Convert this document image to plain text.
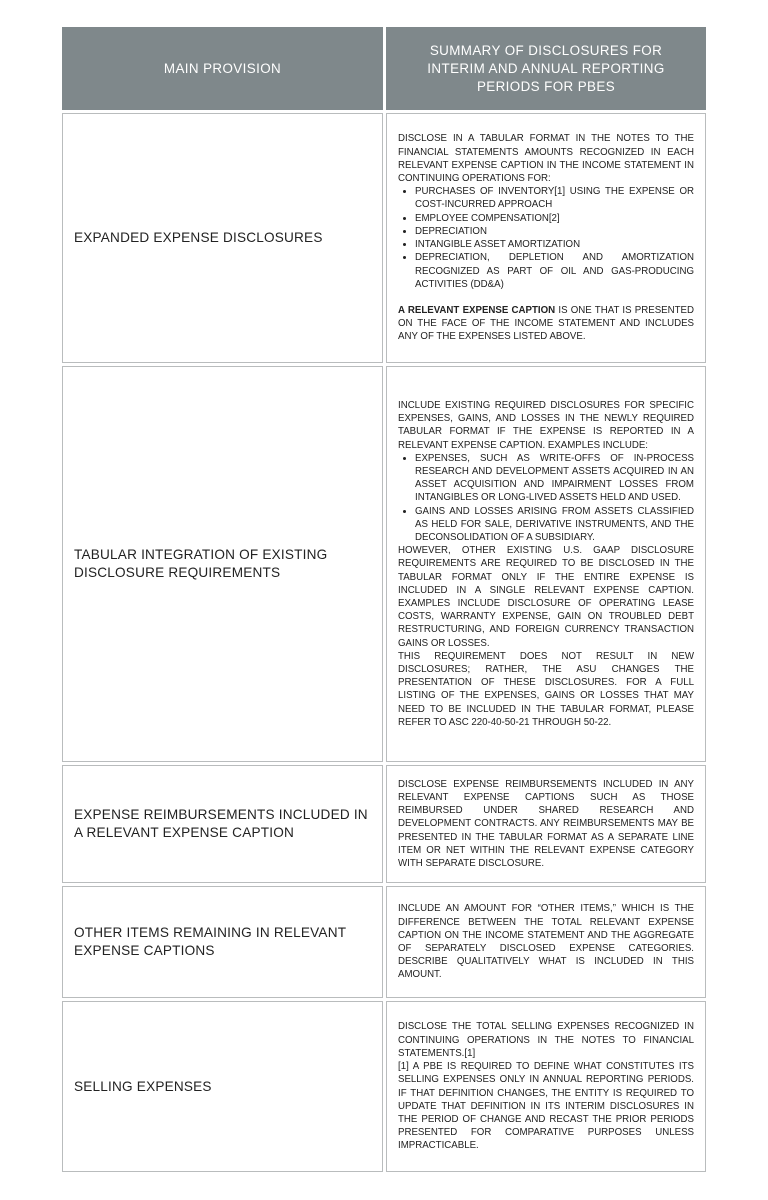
MAIN PROVISION
SUMMARY OF DISCLOSURES FOR INTERIM AND ANNUAL REPORTING PERIODS FOR PBES
EXPANDED EXPENSE DISCLOSURES

DISCLOSE IN A TABULAR FORMAT IN THE NOTES TO THE FINANCIAL STATEMENTS AMOUNTS RECOGNIZED IN EACH RELEVANT EXPENSE CAPTION IN THE INCOME STATEMENT IN CONTINUING OPERATIONS FOR:

• PURCHASES OF INVENTORY[1] USING THE EXPENSE OR COST-INCURRED APPROACH
• EMPLOYEE COMPENSATION[2]
• DEPRECIATION
• INTANGIBLE ASSET AMORTIZATION
• DEPRECIATION, DEPLETION AND AMORTIZATION RECOGNIZED AS PART OF OIL AND GAS-PRODUCING ACTIVITIES (DD&A)

A RELEVANT EXPENSE CAPTION IS ONE THAT IS PRESENTED ON THE FACE OF THE INCOME STATEMENT AND INCLUDES ANY OF THE EXPENSES LISTED ABOVE.

TABULAR INTEGRATION OF EXISTING DISCLOSURE REQUIREMENTS

INCLUDE EXISTING REQUIRED DISCLOSURES FOR SPECIFIC EXPENSES, GAINS, AND LOSSES IN THE NEWLY REQUIRED TABULAR FORMAT IF THE EXPENSE IS REPORTED IN A RELEVANT EXPENSE CAPTION. EXAMPLES INCLUDE:

• EXPENSES, SUCH AS WRITE-OFFS OF IN-PROCESS RESEARCH AND DEVELOPMENT ASSETS ACQUIRED IN AN ASSET ACQUISITION AND IMPAIRMENT LOSSES FROM INTANGIBLES OR LONG-LIVED ASSETS HELD AND USED.
• GAINS AND LOSSES ARISING FROM ASSETS CLASSIFIED AS HELD FOR SALE, DERIVATIVE INSTRUMENTS, AND THE DECONSOLIDATION OF A SUBSIDIARY.

HOWEVER, OTHER EXISTING U.S. GAAP DISCLOSURE REQUIREMENTS ARE REQUIRED TO BE DISCLOSED IN THE TABULAR FORMAT ONLY IF THE ENTIRE EXPENSE IS INCLUDED IN A SINGLE RELEVANT EXPENSE CAPTION. EXAMPLES INCLUDE DISCLOSURE OF OPERATING LEASE COSTS, WARRANTY EXPENSE, GAIN ON TROUBLED DEBT RESTRUCTURING, AND FOREIGN CURRENCY TRANSACTION GAINS OR LOSSES.

THIS REQUIREMENT DOES NOT RESULT IN NEW DISCLOSURES; RATHER, THE ASU CHANGES THE PRESENTATION OF THESE DISCLOSURES. FOR A FULL LISTING OF THE EXPENSES, GAINS OR LOSSES THAT MAY NEED TO BE INCLUDED IN THE TABULAR FORMAT, PLEASE REFER TO ASC 220-40-50-21 THROUGH 50-22.

EXPENSE REIMBURSEMENTS INCLUDED IN A RELEVANT EXPENSE CAPTION

DISCLOSE EXPENSE REIMBURSEMENTS INCLUDED IN ANY RELEVANT EXPENSE CAPTIONS SUCH AS THOSE REIMBURSED UNDER SHARED RESEARCH AND DEVELOPMENT CONTRACTS. ANY REIMBURSEMENTS MAY BE PRESENTED IN THE TABULAR FORMAT AS A SEPARATE LINE ITEM OR NET WITHIN THE RELEVANT EXPENSE CATEGORY WITH SEPARATE DISCLOSURE.

OTHER ITEMS REMAINING IN RELEVANT EXPENSE CAPTIONS

INCLUDE AN AMOUNT FOR “OTHER ITEMS,” WHICH IS THE DIFFERENCE BETWEEN THE TOTAL RELEVANT EXPENSE CAPTION ON THE INCOME STATEMENT AND THE AGGREGATE OF SEPARATELY DISCLOSED EXPENSE CATEGORIES. DESCRIBE QUALITATIVELY WHAT IS INCLUDED IN THIS AMOUNT.

SELLING EXPENSES

DISCLOSE THE TOTAL SELLING EXPENSES RECOGNIZED IN CONTINUING OPERATIONS IN THE NOTES TO FINANCIAL STATEMENTS.[1]

[1] A PBE IS REQUIRED TO DEFINE WHAT CONSTITUTES ITS SELLING EXPENSES ONLY IN ANNUAL REPORTING PERIODS. IF THAT DEFINITION CHANGES, THE ENTITY IS REQUIRED TO UPDATE THAT DEFINITION IN ITS INTERIM DISCLOSURES IN THE PERIOD OF CHANGE AND RECAST THE PRIOR PERIODS PRESENTED FOR COMPARATIVE PURPOSES UNLESS IMPRACTICABLE.
